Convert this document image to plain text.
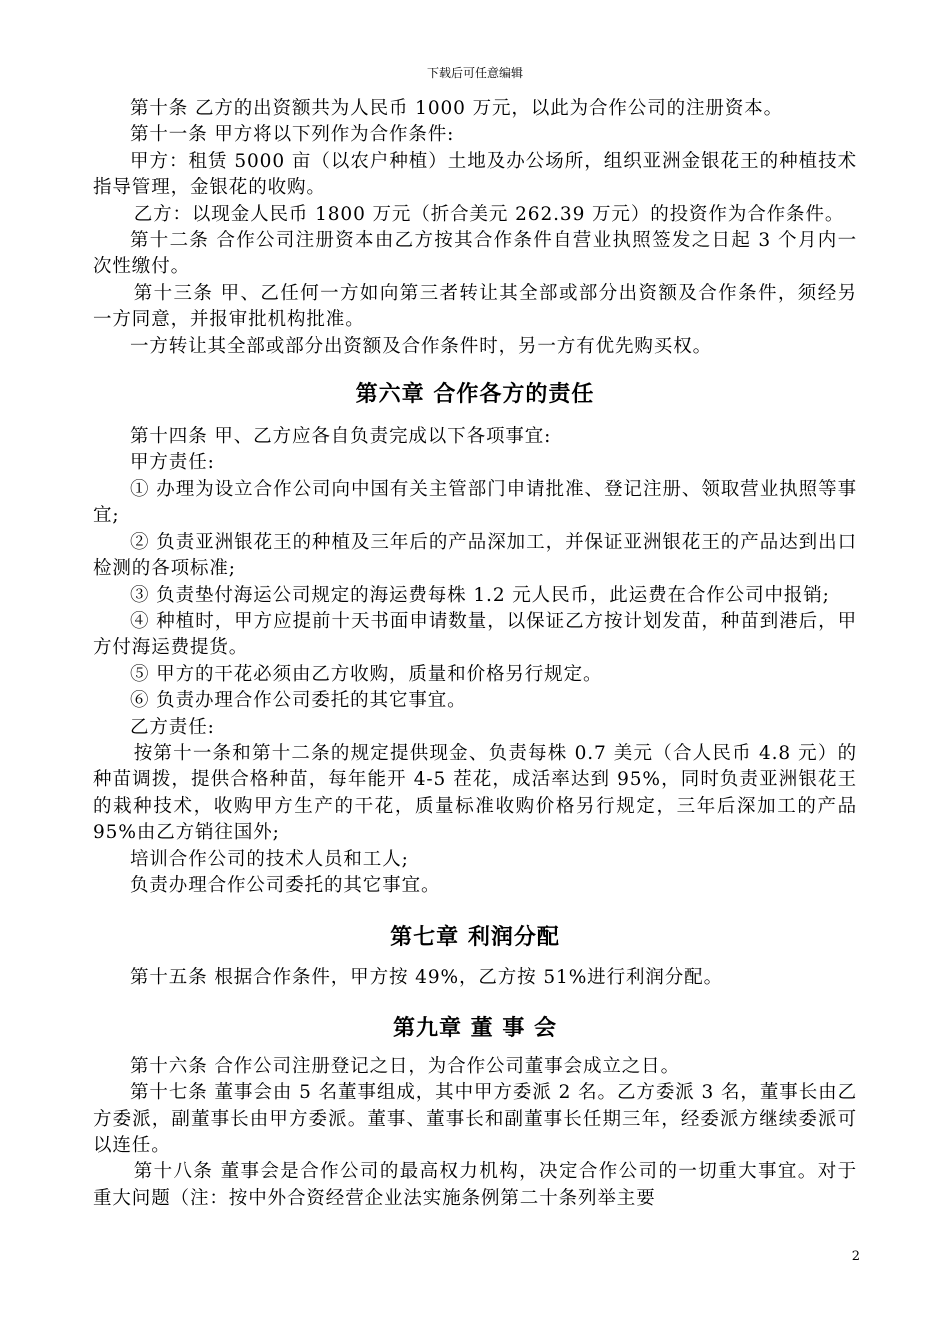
下载后可任意编辑

第十条 乙方的出资额共为人民币 1000 万元，以此为合作公司的注册资本。

第十一条 甲方将以下列作为合作条件:

甲方：租赁 5000 亩（以农户种植）土地及办公场所，组织亚洲金银花王的种植技术指导管理，金银花的收购。

乙方：以现金人民币 1800 万元（折合美元 262.39 万元）的投资作为合作条件。

第十二条 合作公司注册资本由乙方按其合作条件自营业执照签发之日起 3 个月内一次性缴付。

第十三条 甲、乙任何一方如向第三者转让其全部或部分出资额及合作条件，须经另一方同意，并报审批机构批准。

一方转让其全部或部分出资额及合作条件时，另一方有优先购买权。

第六章 合作各方的责任

第十四条 甲、乙方应各自负责完成以下各项事宜:

甲方责任:

① 办理为设立合作公司向中国有关主管部门申请批准、登记注册、领取营业执照等事宜;

② 负责亚洲银花王的种植及三年后的产品深加工，并保证亚洲银花王的产品达到出口检测的各项标准;

③ 负责垫付海运公司规定的海运费每株 1.2 元人民币，此运费在合作公司中报销;

④ 种植时，甲方应提前十天书面申请数量，以保证乙方按计划发苗，种苗到港后，甲方付海运费提货。

⑤ 甲方的干花必须由乙方收购，质量和价格另行规定。

⑥ 负责办理合作公司委托的其它事宜。

乙方责任:

按第十一条和第十二条的规定提供现金、负责每株 0.7 美元（合人民币 4.8 元）的种苗调拨，提供合格种苗，每年能开 4-5 茬花，成活率达到 95%，同时负责亚洲银花王的栽种技术，收购甲方生产的干花，质量标准收购价格另行规定，三年后深加工的产品 95%由乙方销往国外;

培训合作公司的技术人员和工人;

负责办理合作公司委托的其它事宜。

第七章 利润分配

第十五条 根据合作条件，甲方按 49%，乙方按 51%进行利润分配。

第九章 董 事 会

第十六条 合作公司注册登记之日，为合作公司董事会成立之日。

第十七条 董事会由 5 名董事组成，其中甲方委派 2 名。乙方委派 3 名，董事长由乙方委派，副董事长由甲方委派。董事、董事长和副董事长任期三年，经委派方继续委派可以连任。

第十八条 董事会是合作公司的最高权力机构，决定合作公司的一切重大事宜。对于重大问题（注：按中外合资经营企业法实施条例第二十条列举主要

2
